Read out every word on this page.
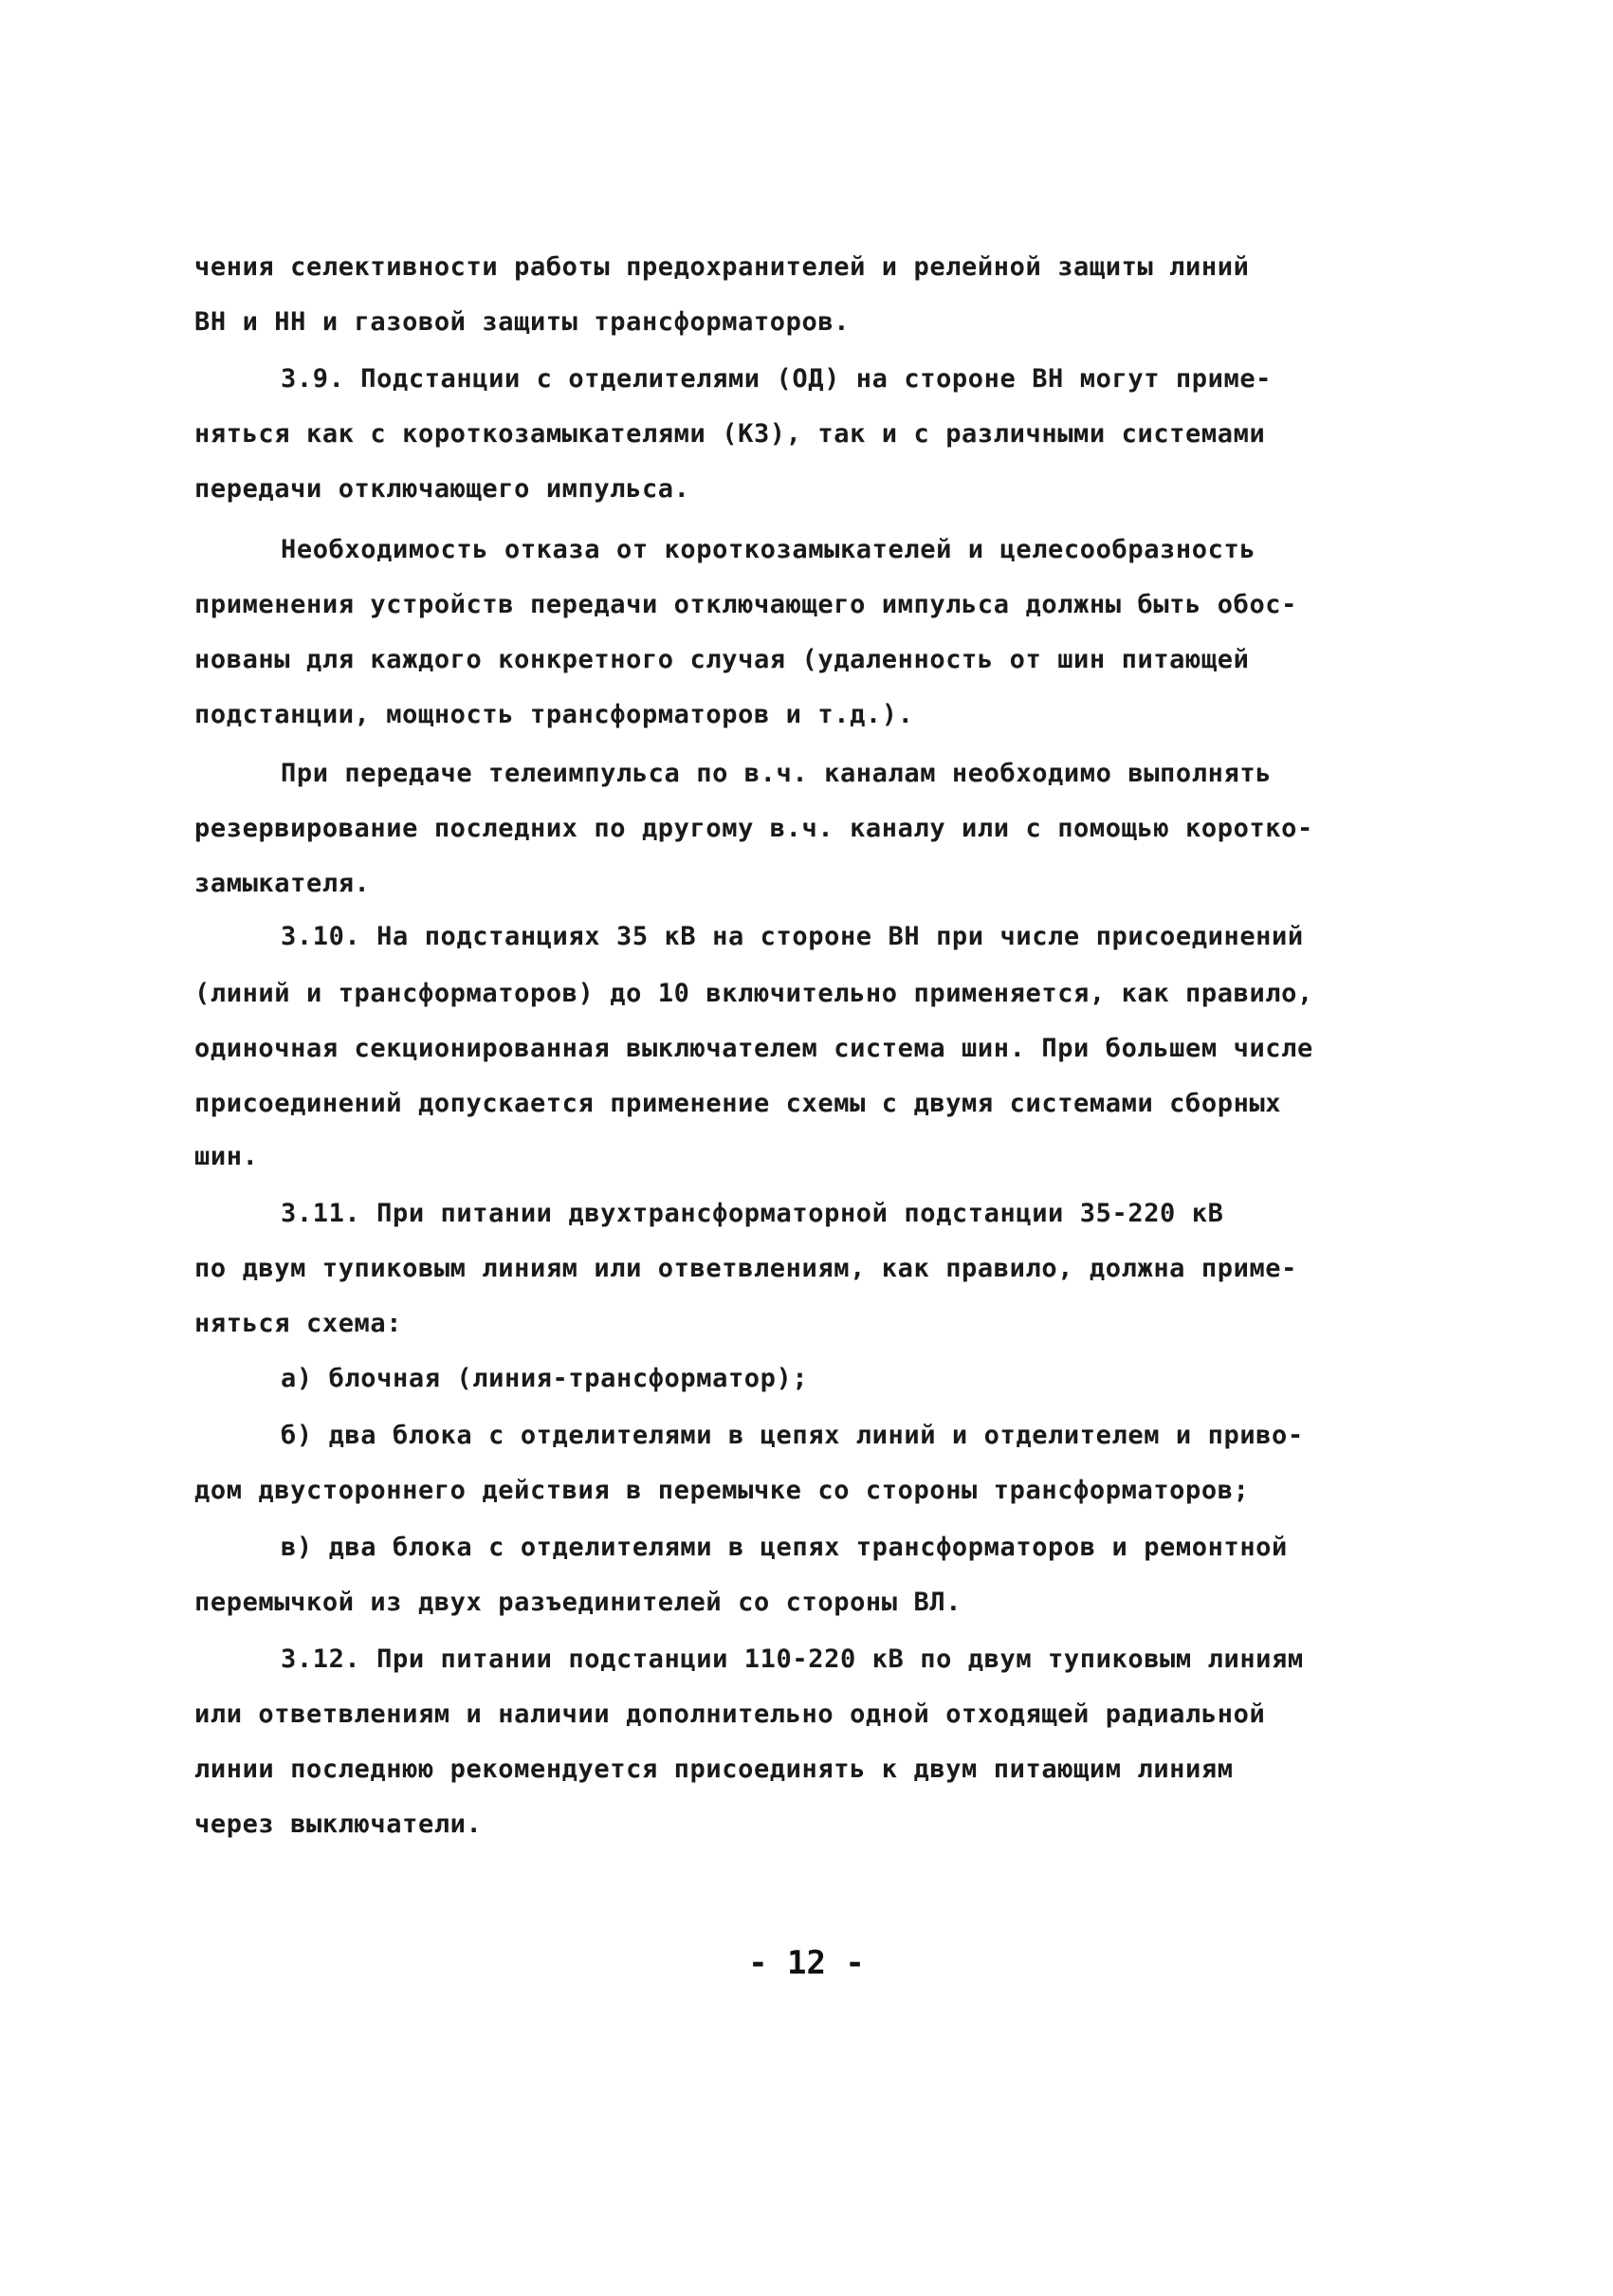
чения селективности работы предохранителей и релейной защиты линий
ВН и НН и газовой защиты трансформаторов.
3.9. Подстанции с отделителями (ОД) на стороне ВН могут приме-
няться как с короткозамыкателями (КЗ), так и с различными системами
передачи отключающего импульса.
Необходимость отказа от короткозамыкателей и целесообразность
применения устройств передачи отключающего импульса должны быть обос-
нованы для каждого конкретного случая (удаленность от шин питающей
подстанции, мощность трансформаторов и т.д.).
При передаче телеимпульса по в.ч. каналам необходимо выполнять
резервирование последних по другому в.ч. каналу или с помощью коротко-
замыкателя.
3.10. На подстанциях 35 кВ на стороне ВН при числе присоединений
(линий и трансформаторов) до 10 включительно применяется, как правило,
одиночная секционированная выключателем система шин. При большем числе
присоединений допускается применение схемы с двумя системами сборных
шин.
3.11. При питании двухтрансформаторной подстанции 35-220 кВ
по двум тупиковым линиям или ответвлениям, как правило, должна приме-
няться схема:
а) блочная (линия-трансформатор);
б) два блока с отделителями в цепях линий и отделителем и приво-
дом двустороннего действия в перемычке со стороны трансформаторов;
в) два блока с отделителями в цепях трансформаторов и ремонтной
перемычкой из двух разъединителей со стороны ВЛ.
3.12. При питании подстанции 110-220 кВ по двум тупиковым линиям
или ответвлениям и наличии дополнительно одной отходящей радиальной
линии последнюю рекомендуется присоединять к двум питающим линиям
через выключатели.
- 12 -
